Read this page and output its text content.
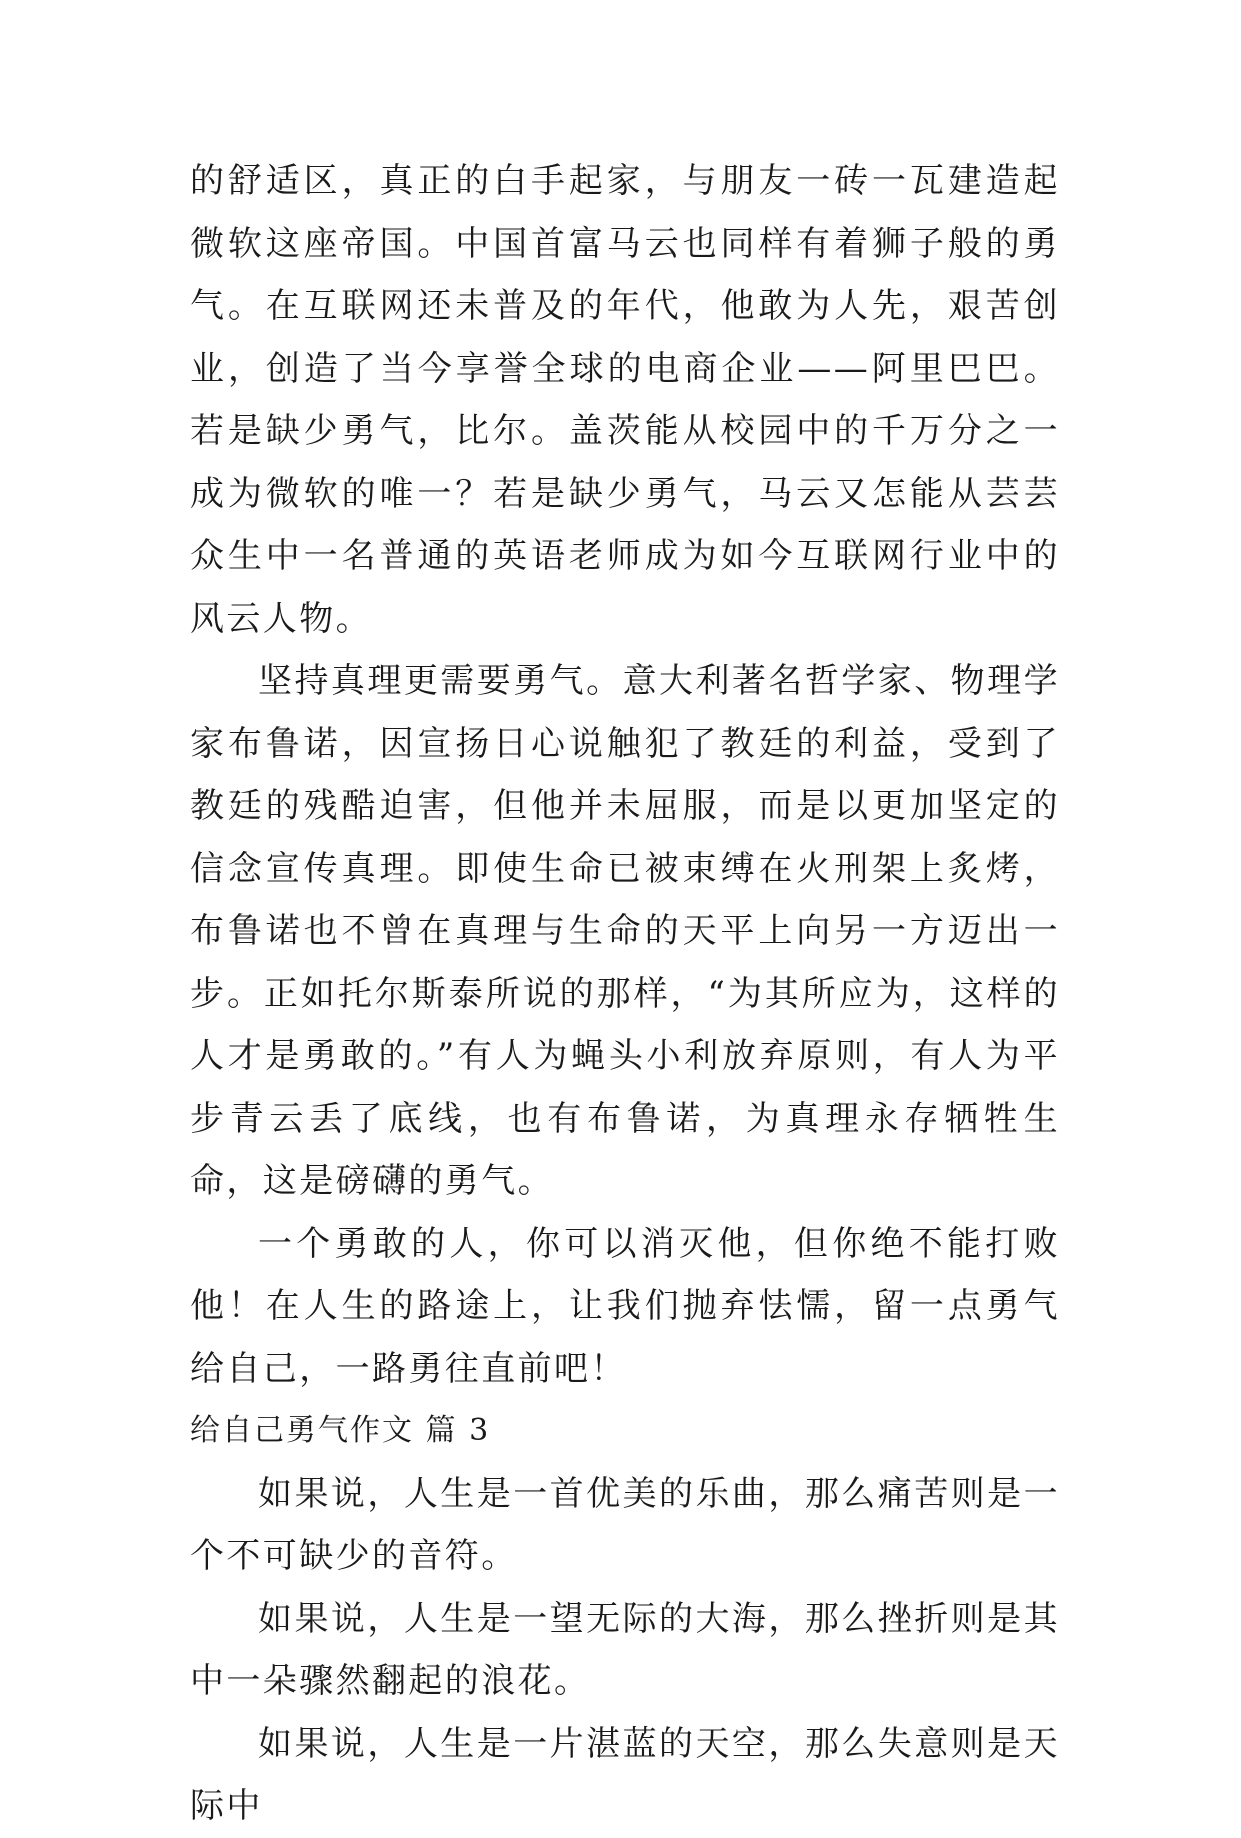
的舒适区，真正的白手起家，与朋友一砖一瓦建造起微软这座帝国。中国首富马云也同样有着狮子般的勇气。在互联网还未普及的年代，他敢为人先，艰苦创业，创造了当今享誉全球的电商企业——阿里巴巴。若是缺少勇气，比尔。盖茨能从校园中的千万分之一成为微软的唯一？若是缺少勇气，马云又怎能从芸芸众生中一名普通的英语老师成为如今互联网行业中的风云人物。

坚持真理更需要勇气。意大利著名哲学家、物理学家布鲁诺，因宣扬日心说触犯了教廷的利益，受到了教廷的残酷迫害，但他并未屈服，而是以更加坚定的信念宣传真理。即使生命已被束缚在火刑架上炙烤，布鲁诺也不曾在真理与生命的天平上向另一方迈出一步。正如托尔斯泰所说的那样，“为其所应为，这样的人才是勇敢的。”有人为蝇头小利放弃原则，有人为平步青云丢了底线，也有布鲁诺，为真理永存牺牲生命，这是磅礴的勇气。

一个勇敢的人，你可以消灭他，但你绝不能打败他！在人生的路途上，让我们抛弃怯懦，留一点勇气给自己，一路勇往直前吧！

给自己勇气作文 篇 3

如果说，人生是一首优美的乐曲，那么痛苦则是一个不可缺少的音符。

如果说，人生是一望无际的大海，那么挫折则是其中一朵骤然翻起的浪花。

如果说，人生是一片湛蓝的天空，那么失意则是天际中
